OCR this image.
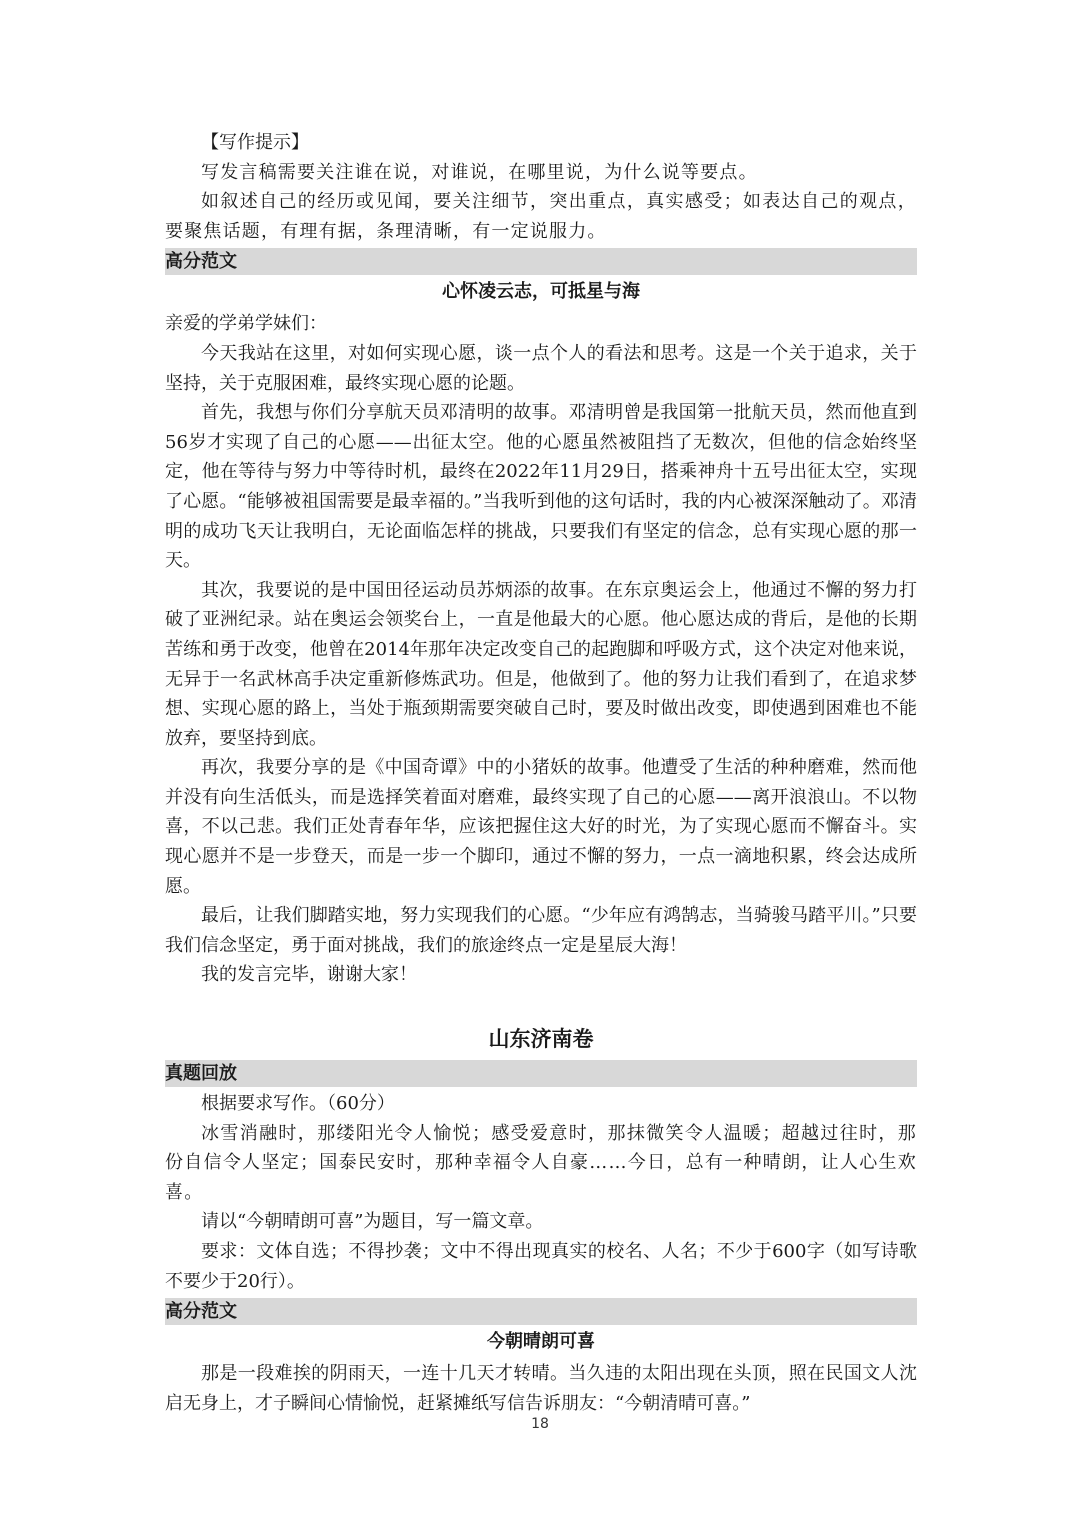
【写作提示】

写发言稿需要关注谁在说，对谁说，在哪里说，为什么说等要点。

如叙述自己的经历或见闻，要关注细节，突出重点，真实感受；如表达自己的观点，要聚焦话题，有理有据，条理清晰，有一定说服力。

高分范文
心怀凌云志，可抵星与海

亲爱的学弟学妹们：

今天我站在这里，对如何实现心愿，谈一点个人的看法和思考。这是一个关于追求，关于坚持，关于克服困难，最终实现心愿的论题。

首先，我想与你们分享航天员邓清明的故事。邓清明曾是我国第一批航天员，然而他直到56岁才实现了自己的心愿——出征太空。他的心愿虽然被阻挡了无数次，但他的信念始终坚定，他在等待与努力中等待时机，最终在2022年11月29日，搭乘神舟十五号出征太空，实现了心愿。“能够被祖国需要是最幸福的。”当我听到他的这句话时，我的内心被深深触动了。邓清明的成功飞天让我明白，无论面临怎样的挑战，只要我们有坚定的信念，总有实现心愿的那一天。

其次，我要说的是中国田径运动员苏炳添的故事。在东京奥运会上，他通过不懈的努力打破了亚洲纪录。站在奥运会领奖台上，一直是他最大的心愿。他心愿达成的背后，是他的长期苦练和勇于改变，他曾在2014年那年决定改变自己的起跑脚和呼吸方式，这个决定对他来说，无异于一名武林高手决定重新修炼武功。但是，他做到了。他的努力让我们看到了，在追求梦想、实现心愿的路上，当处于瓶颈期需要突破自己时，要及时做出改变，即使遇到困难也不能放弃，要坚持到底。

再次，我要分享的是《中国奇谭》中的小猪妖的故事。他遭受了生活的种种磨难，然而他并没有向生活低头，而是选择笑着面对磨难，最终实现了自己的心愿——离开浪浪山。不以物喜，不以己悲。我们正处青春年华，应该把握住这大好的时光，为了实现心愿而不懈奋斗。实现心愿并不是一步登天，而是一步一个脚印，通过不懈的努力，一点一滴地积累，终会达成所愿。

最后，让我们脚踏实地，努力实现我们的心愿。“少年应有鸿鹄志，当骑骏马踏平川。”只要我们信念坚定，勇于面对挑战，我们的旅途终点一定是星辰大海！

我的发言完毕，谢谢大家！

山东济南卷
真题回放

根据要求写作。（60分）

冰雪消融时，那缕阳光令人愉悦；感受爱意时，那抹微笑令人温暖；超越过往时，那份自信令人坚定；国泰民安时，那种幸福令人自豪……今日，总有一种晴朗，让人心生欢喜。

请以“今朝晴朗可喜”为题目，写一篇文章。

要求：文体自选；不得抄袭；文中不得出现真实的校名、人名；不少于600字（如写诗歌不要少于20行）。

高分范文
今朝晴朗可喜

那是一段难挨的阴雨天，一连十几天才转晴。当久违的太阳出现在头顶，照在民国文人沈启无身上，才子瞬间心情愉悦，赶紧摊纸写信告诉朋友：“今朝清晴可喜。”

18
